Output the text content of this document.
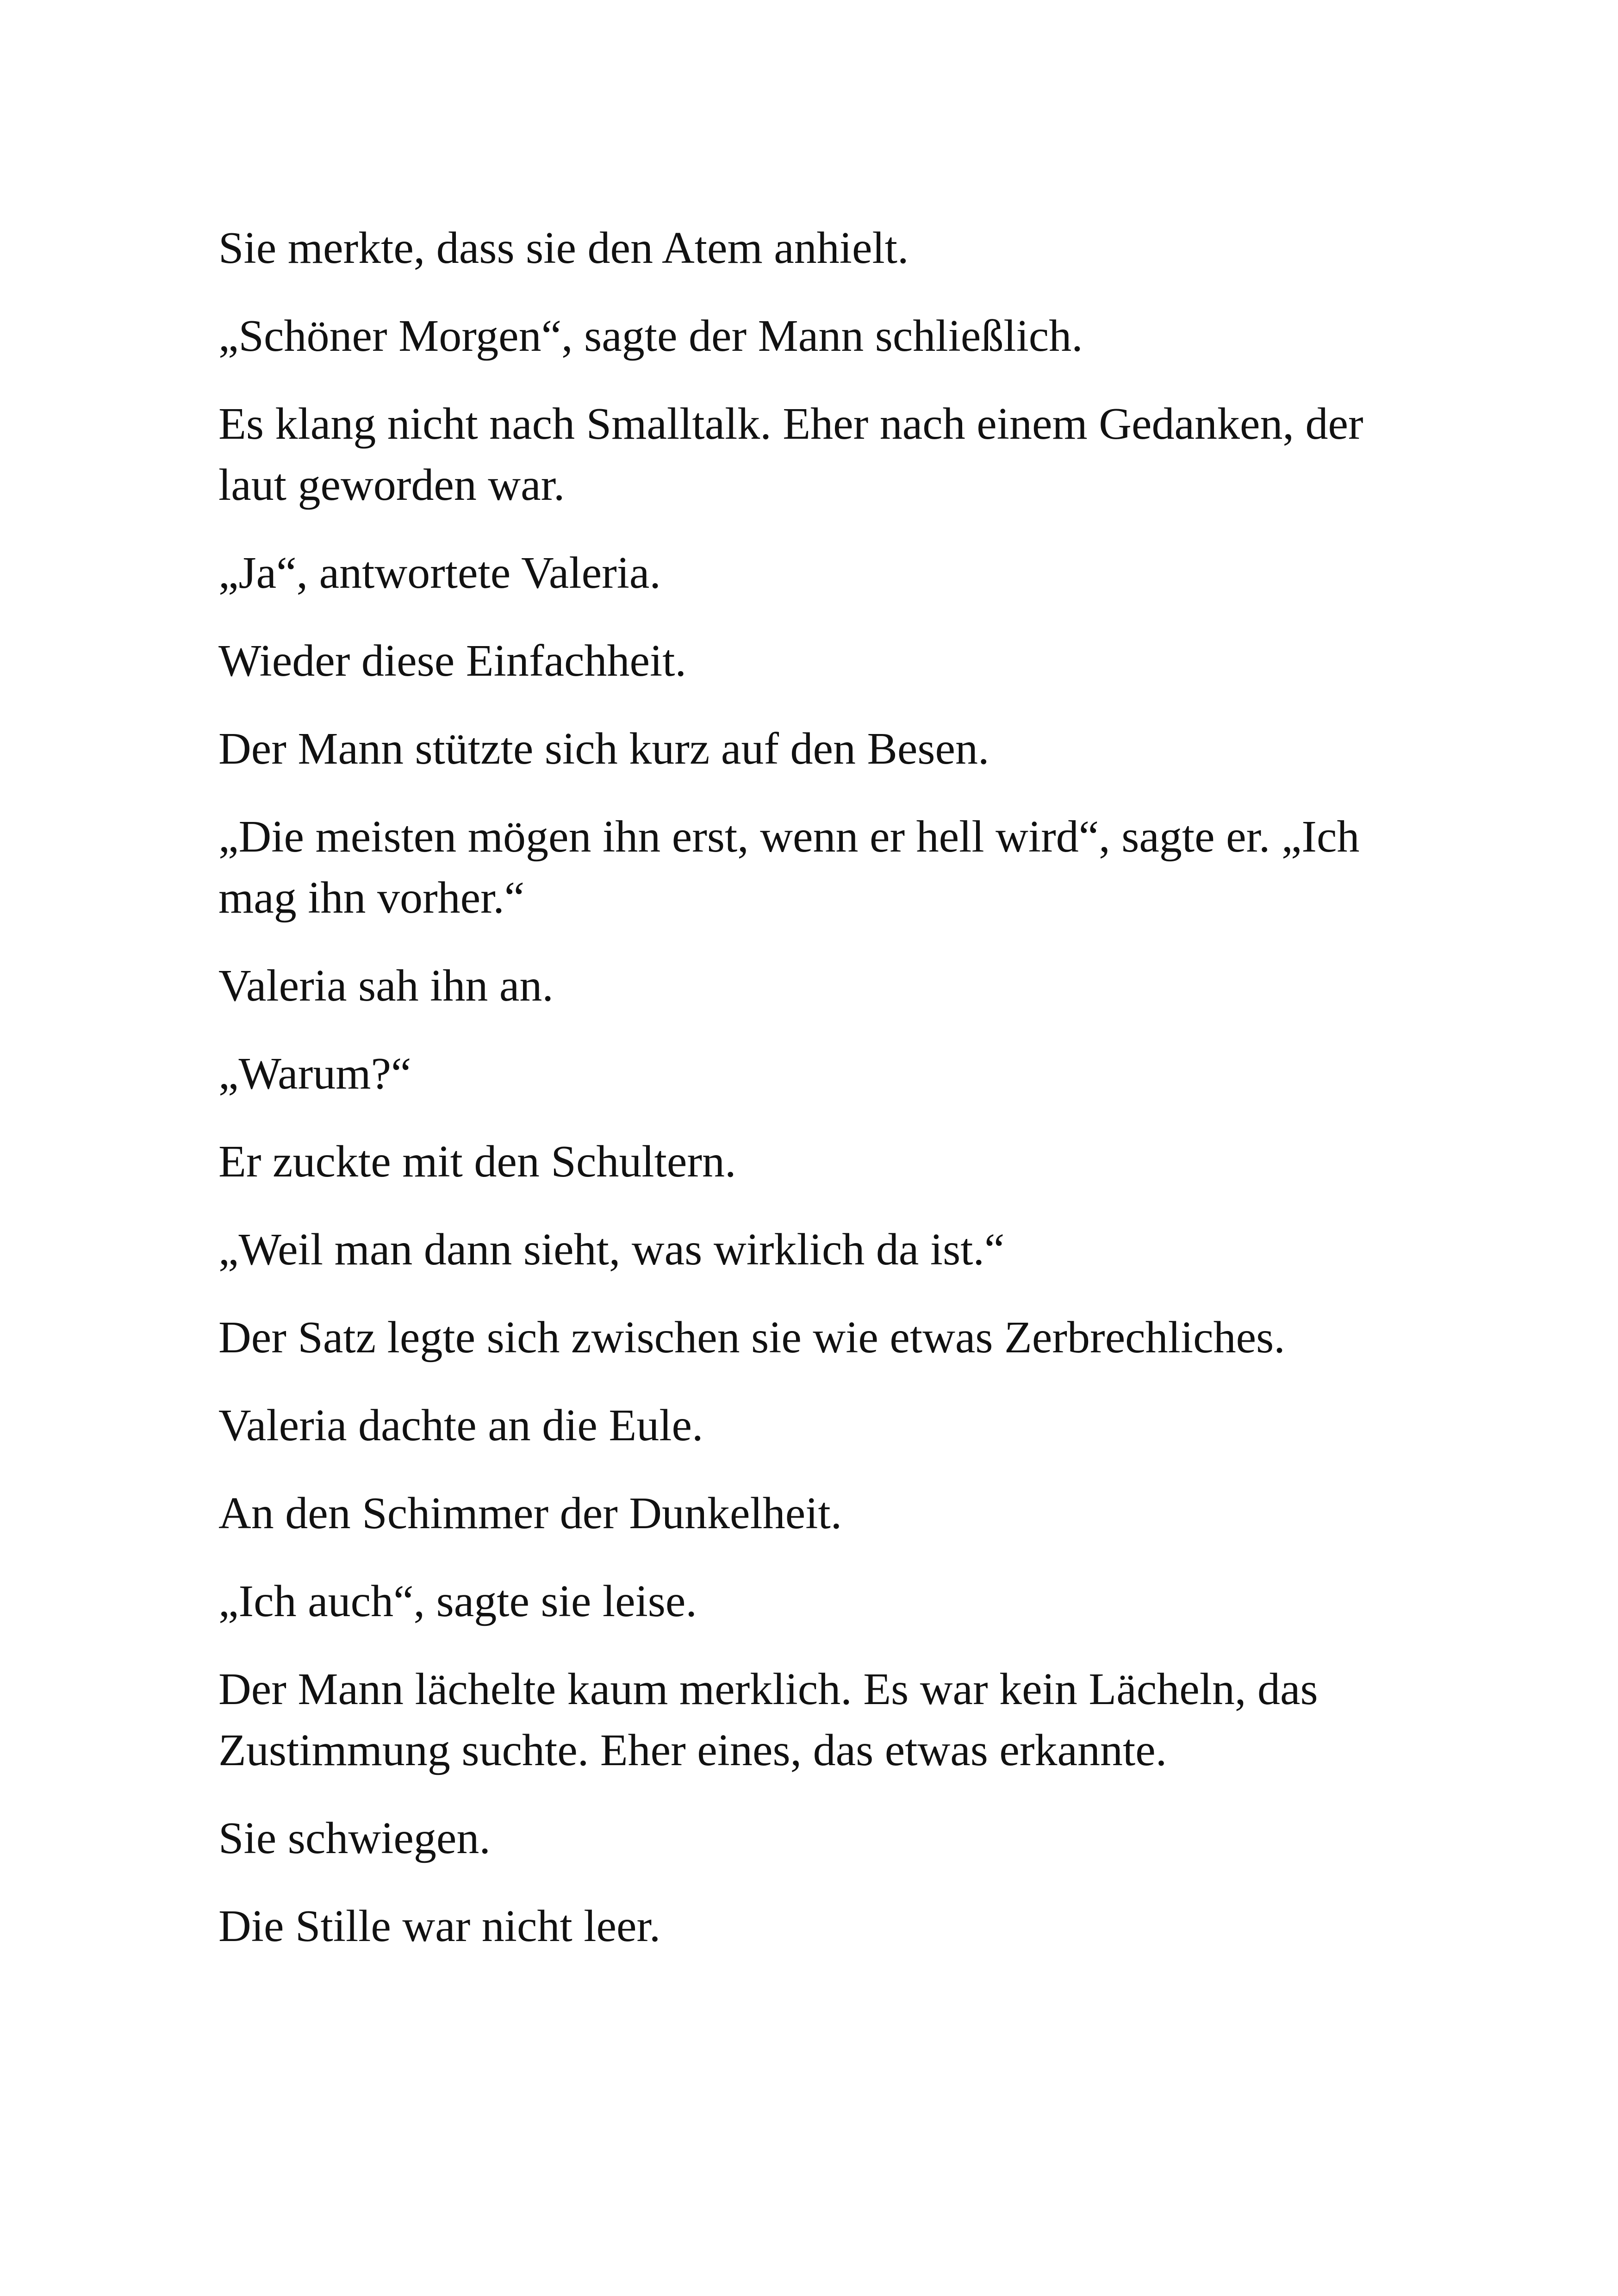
Sie merkte, dass sie den Atem anhielt.

„Schöner Morgen“, sagte der Mann schließlich.

Es klang nicht nach Smalltalk. Eher nach einem Gedanken, der laut geworden war.

„Ja“, antwortete Valeria.

Wieder diese Einfachheit.

Der Mann stützte sich kurz auf den Besen.

„Die meisten mögen ihn erst, wenn er hell wird“, sagte er. „Ich mag ihn vorher.“

Valeria sah ihn an.

„Warum?“

Er zuckte mit den Schultern.

„Weil man dann sieht, was wirklich da ist.“

Der Satz legte sich zwischen sie wie etwas Zerbrechliches.

Valeria dachte an die Eule.

An den Schimmer der Dunkelheit.

„Ich auch“, sagte sie leise.

Der Mann lächelte kaum merklich. Es war kein Lächeln, das Zustimmung suchte. Eher eines, das etwas erkannte.

Sie schwiegen.

Die Stille war nicht leer.
